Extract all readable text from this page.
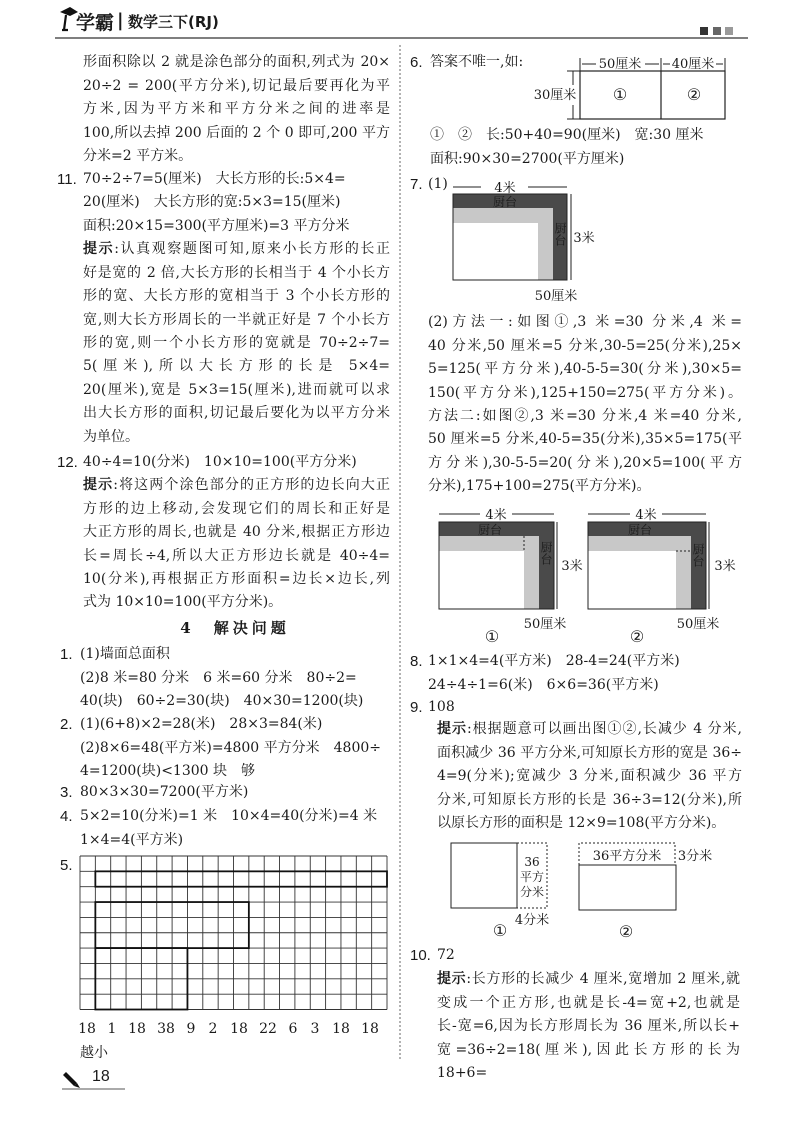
学霸 | 数学三下(RJ)
4　解决问题
18
50厘米 40厘米
30厘米 ①	②
4米
厨台
厨台 3米
50厘米
4米
厨台
厨台
3米
50厘米
①
4米
厨台
厨台 3米
50厘米
②
36
平方
分米
4分米
①
36平方分米 3分米
②
18 1 18 38 9 2 18 22 6 3 18 18
越小
形面积除以 2 就是涂色部分的面积,列式为 20×
20÷2 = 200(平方分米),切记最后要再化为平
方米,因为平方米和平方分米之间的进率是
100,所以去掉 200 后面的 2 个 0 即可,200 平方
分米=2 平方米。
11. 70÷2÷7=5(厘米)　大长方形的长:5×4=
20(厘米)　大长方形的宽:5×3=15(厘米)
面积:20×15=300(平方厘米)=3 平方分米
提示:认真观察题图可知,原来小长方形的长正
好是宽的 2 倍,大长方形的长相当于 4 个小长方
形的宽、大长方形的宽相当于 3 个小长方形的
宽,则大长方形周长的一半就正好是 7 个小长方
形的宽,则一个小长方形的宽就是 70÷2÷7=
5(厘米),所以大长方形的长是 5×4=
20(厘米),宽是 5×3=15(厘米),进而就可以求
出大长方形的面积,切记最后要化为以平方分米
为单位。
12. 40÷4=10(分米)　10×10=100(平方分米)
提示:将这两个涂色部分的正方形的边长向大正
方形的边上移动,会发现它们的周长和正好是
大正方形的周长,也就是 40 分米,根据正方形边
长=周长÷4,所以大正方形边长就是 40÷4=
10(分米),再根据正方形面积=边长×边长,列
式为 10×10=100(平方分米)。
1. (1)墙面总面积
(2)8 米=80 分米　6 米=60 分米　80÷2=
40(块)　60÷2=30(块)　40×30=1200(块)
2. (1)(6+8)×2=28(米)　28×3=84(米)
(2)8×6=48(平方米)=4800 平方分米　4800÷
4=1200(块)<1300 块　够
3. 80×3×30=7200(平方米)
4. 5×2=10(分米)=1 米　10×4=40(分米)=4 米
1×4=4(平方米)
5.
6. 答案不唯一,如:
①　②　长:50+40=90(厘米)　宽:30 厘米
面积:90×30=2700(平方厘米)
7. (1)
(2)方法一:如图①,3 米=30 分米,4 米=
40 分米,50 厘米=5 分米,30-5=25(分米),25×
5=125(平方分米),40-5-5=30(分米),30×5=
150(平方分米),125+150=275(平方分米)。
方法二:如图②,3 米=30 分米,4 米=40 分米,
50 厘米=5 分米,40-5=35(分米),35×5=175(平
方分米),30-5-5=20(分米),20×5=100(平方
分米),175+100=275(平方分米)。
8. 1×1×4=4(平方米)　28-4=24(平方米)
24÷4÷1=6(米)　6×6=36(平方米)
9. 108
提示:根据题意可以画出图①②,长减少 4 分米,
面积减少 36 平方分米,可知原长方形的宽是 36÷
4=9(分米);宽减少 3 分米,面积减少 36 平方
分米,可知原长方形的长是 36÷3=12(分米),所
以原长方形的面积是 12×9=108(平方分米)。
10. 72
提示:长方形的长减少 4 厘米,宽增加 2 厘米,就
变成一个正方形,也就是长-4=宽+2,也就是
长-宽=6,因为长方形周长为 36 厘米,所以长+
宽=36÷2=18(厘米),因此长方形的长为 18+6=
